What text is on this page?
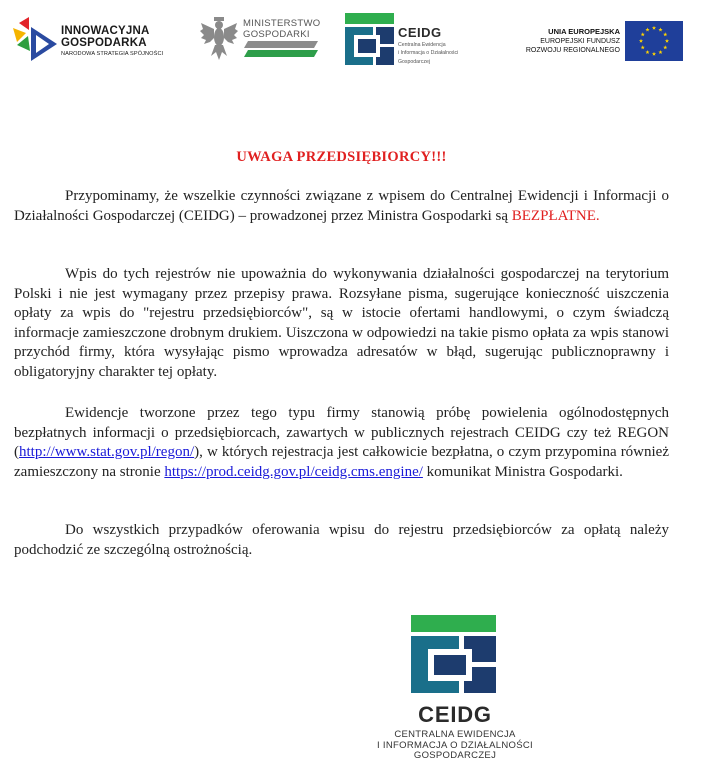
INNOWACYJNA
GOSPODARKA
NARODOWA STRATEGIA SPÓJNOŚCI
MINISTERSTWO
GOSPODARKI	CEIDG
Centralna Ewidencja
i Informacja o Działalności
Gospodarczej
UNIA EUROPEJSKA
EUROPEJSKI FUNDUSZ
ROZWOJU REGIONALNEGO
UWAGA PRZEDSIĘBIORCY!!!

Przypominamy, że wszelkie czynności związane z wpisem do Centralnej Ewidencji i Informacji o Działalności Gospodarczej (CEIDG) – prowadzonej przez Ministra Gospodarki są BEZPŁATNE.

Wpis do tych rejestrów nie upoważnia do wykonywania działalności gospodarczej na terytorium Polski i nie jest wymagany przez przepisy prawa. Rozsyłane pisma, sugerujące konieczność uiszczenia opłaty za wpis do "rejestru przedsiębiorców", są w istocie ofertami handlowymi, o czym świadczą informacje zamieszczone drobnym drukiem. Uiszczona w odpowiedzi na takie pismo opłata za wpis stanowi przychód firmy, która wysyłając pismo wprowadza adresatów w błąd, sugerując publicznoprawny i obligatoryjny charakter tej opłaty.

Ewidencje tworzone przez tego typu firmy stanowią próbę powielenia ogólnodostępnych bezpłatnych informacji o przedsiębiorcach, zawartych w publicznych rejestrach CEIDG czy też REGON (http://www.stat.gov.pl/regon/), w których rejestracja jest całkowicie bezpłatna, o czym przypomina również zamieszczony na stronie https://prod.ceidg.gov.pl/ceidg.cms.engine/ komunikat Ministra Gospodarki.

Do wszystkich przypadków oferowania wpisu do rejestru przedsiębiorców za opłatą należy podchodzić ze szczególną ostrożnością.

CEIDG
CENTRALNA EWIDENCJA
I INFORMACJA O DZIAŁALNOŚCI
GOSPODARCZEJ
